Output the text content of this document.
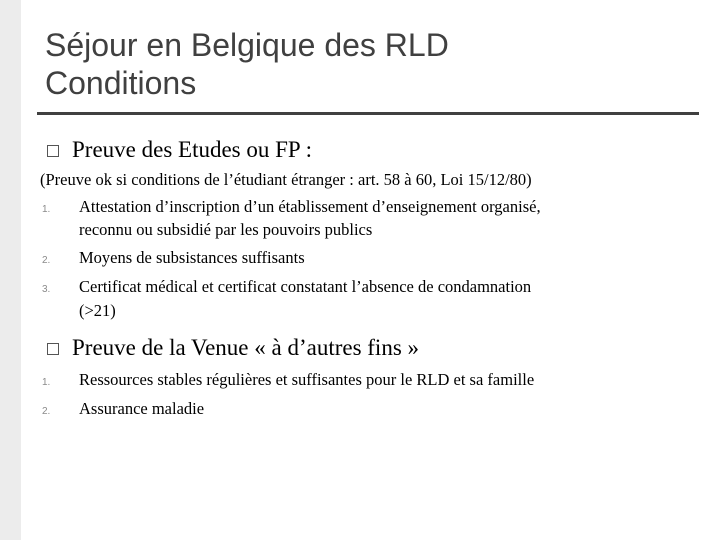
Séjour en Belgique des RLD
Conditions
Preuve des Etudes ou FP :
(Preuve ok si conditions de l’étudiant étranger : art. 58 à 60, Loi 15/12/80)
1. Attestation d’inscription d’un établissement d’enseignement organisé,
reconnu ou subsidié par les pouvoirs publics
2. Moyens de subsistances suffisants
3. Certificat médical et certificat constatant l’absence de condamnation
(>21)
Preuve de la Venue « à d’autres fins »
1. Ressources stables régulières et suffisantes pour le RLD et sa famille
2. Assurance maladie
